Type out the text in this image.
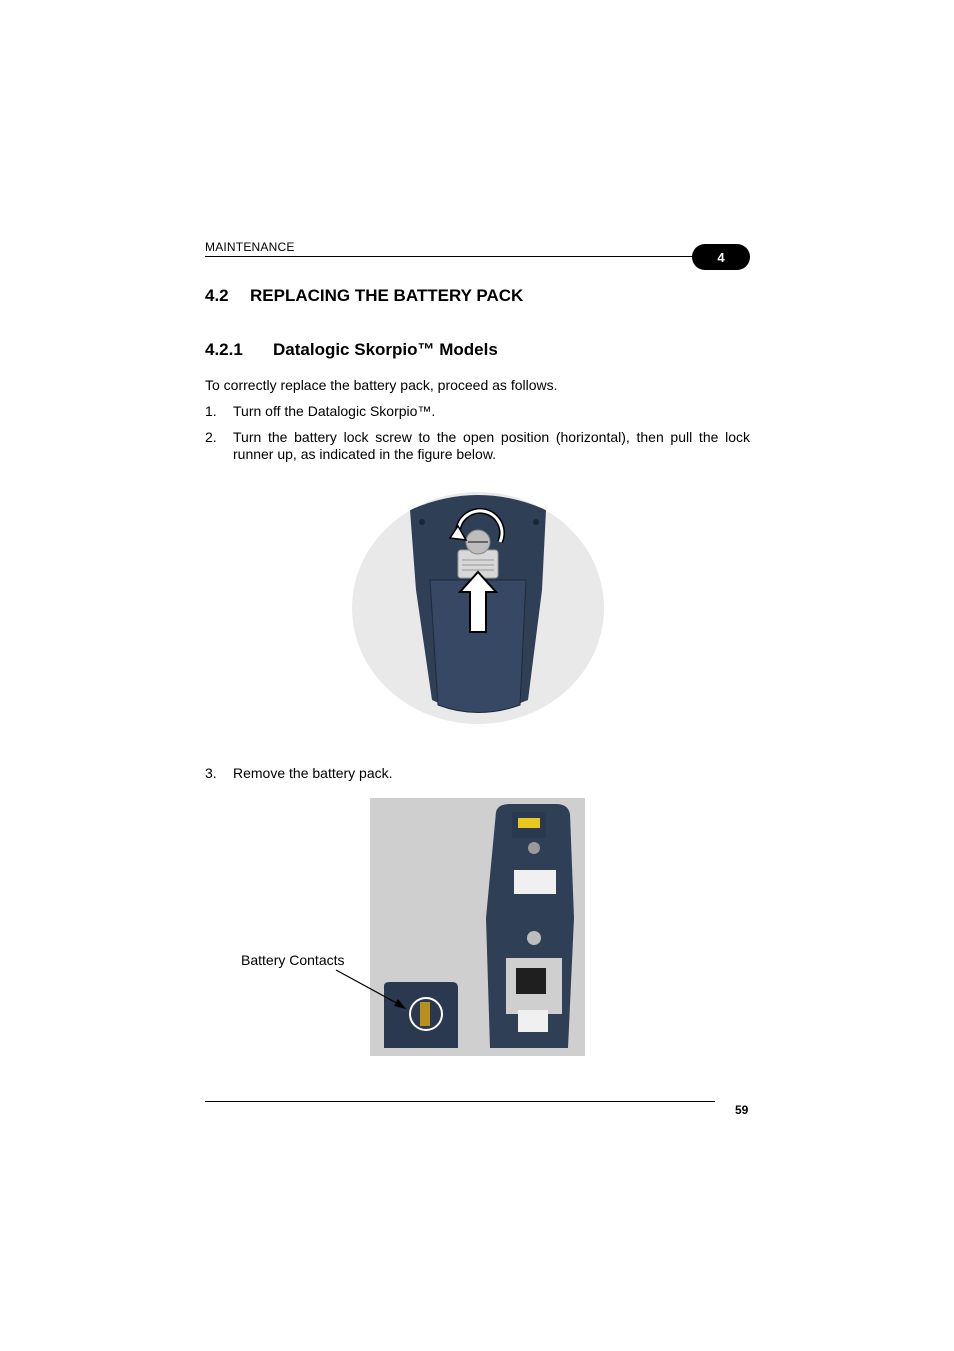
MAINTENANCE
4
4.2 REPLACING THE BATTERY PACK
4.2.1 Datalogic Skorpio™ Models
To correctly replace the battery pack, proceed as follows.
1. Turn off the Datalogic Skorpio™.
2. Turn the battery lock screw to the open position (horizontal), then pull the lock runner up, as indicated in the figure below.
3. Remove the battery pack.
Battery Contacts
59
